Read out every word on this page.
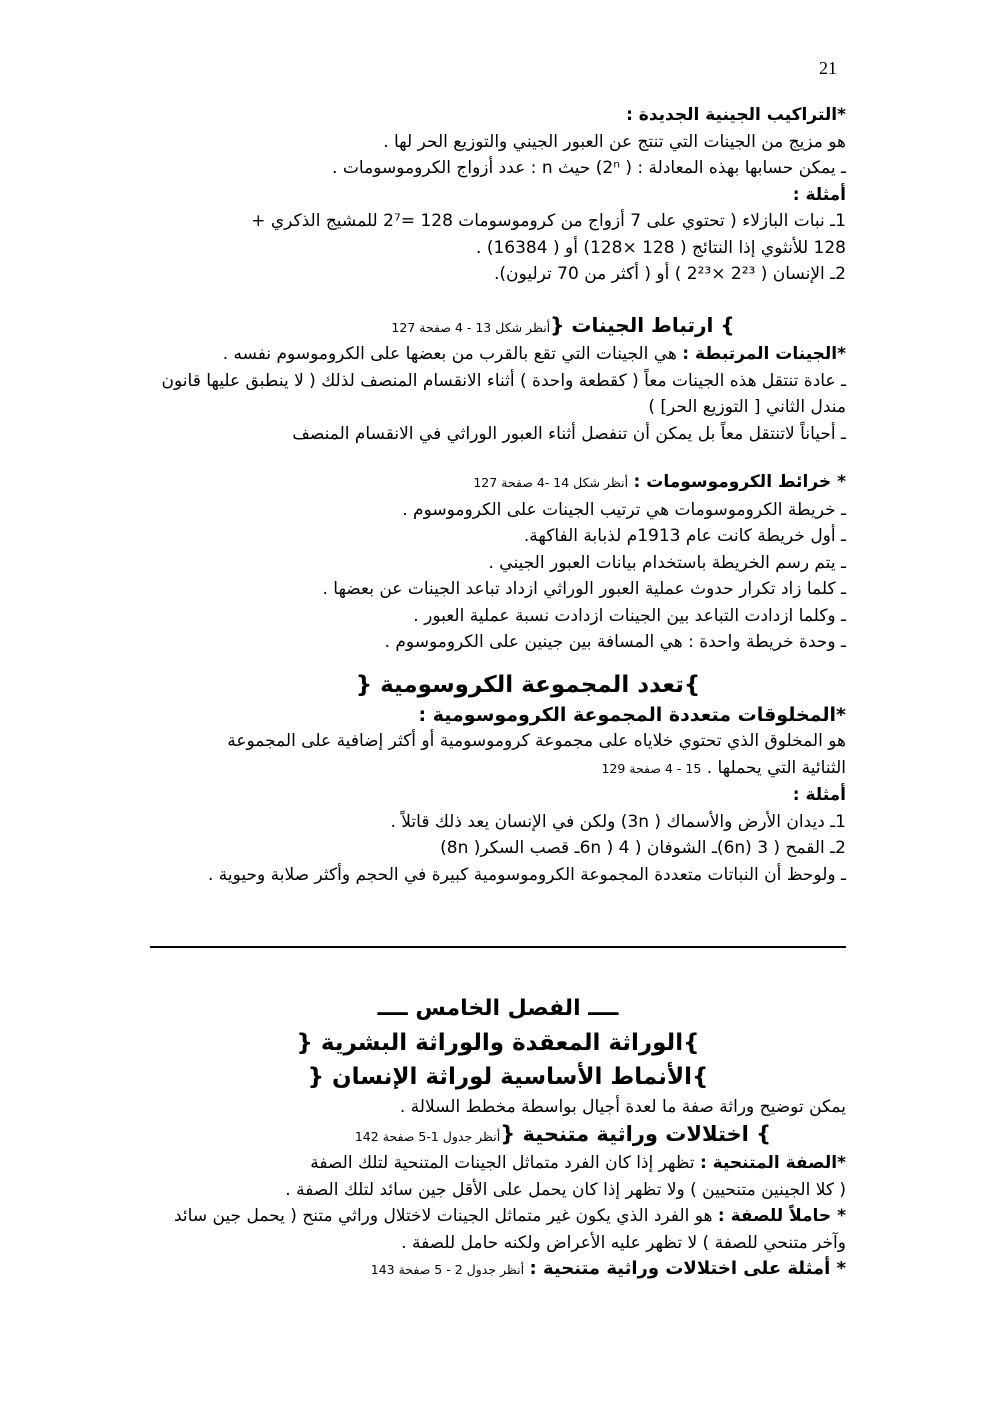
21
*التراكيب الجينية الجديدة :
هو مزيج من الجينات التي تنتج عن العبور الجيني والتوزيع الحر لها .
ـ يمكن حسابها بهذه المعادلة : ( 2ⁿ) حيث n : عدد أزواج الكروموسومات .
أمثلة :
1ـ نبات البازلاء ( تحتوي على 7 أزواج من كروموسومات 128 =2⁷ للمشيج الذكري +
128 للأنثوي إذا النتائج ( 128 ×128) أو ( 16384) .
2ـ الإنسان ( 2²³ ×2²³ ) أو ( أكثر من 70 ترليون).
} ارتباط الجينات {أنظر شكل 13 - 4 صفحة 127
*الجينات المرتبطة : هي الجينات التي تقع بالقرب من بعضها على الكروموسوم نفسه .
ـ عادة تنتقل هذه الجينات معاً ( كقطعة واحدة ) أثناء الانقسام المنصف لذلك ( لا ينطبق عليها قانون مندل الثاني [ التوزيع الحر] )
ـ أحياناً لاتنتقل معاً بل يمكن أن تنفصل أثناء العبور الوراثي في الانقسام المنصف
* خرائط الكروموسومات : أنظر شكل 14 -4 صفحة 127
ـ خريطة الكروموسومات هي ترتيب الجينات على الكروموسوم .
ـ أول خريطة كانت عام 1913م لذبابة الفاكهة.
ـ يتم رسم الخريطة باستخدام بيانات العبور الجيني .
ـ كلما زاد تكرار حدوث عملية العبور الوراثي ازداد تباعد الجينات عن بعضها .
ـ وكلما ازدادت التباعد بين الجينات ازدادت نسبة عملية العبور .
ـ وحدة خريطة واحدة : هي المسافة بين جينين على الكروموسوم .
}تعدد المجموعة الكروسومية {
*المخلوقات متعددة المجموعة الكروموسومية :
هو المخلوق الذي تحتوي خلاياه على مجموعة كروموسومية أو أكثر إضافية على المجموعة
الثنائية التي يحملها . 15 - 4 صفحة 129
أمثلة :
1ـ ديدان الأرض والأسماك ( 3n) ولكن في الإنسان يعد ذلك قاتلاً .
2ـ القمح ( 3 (6n)ـ الشوفان ( 4 ( 6nـ قصب السكر( 8n)
ـ ولوحظ أن النباتات متعددة المجموعة الكروموسومية كبيرة في الحجم وأكثر صلابة وحيوية .
ــــ الفصل الخامس ــــ
}الوراثة المعقدة والوراثة البشرية {
}الأنماط الأساسية لوراثة الإنسان {
يمكن توضيح وراثة صفة ما لعدة أجيال بواسطة مخطط السلالة .
} اختلالات وراثية متنحية {أنظر جدول 1-5 صفحة 142
*الصفة المتنحية : تظهر إذا كان الفرد متماثل الجينات المتنحية لتلك الصفة
( كلا الجينين متنحيين ) ولا تظهر إذا كان يحمل على الأقل جين سائد لتلك الصفة .
* حاملاً للصفة : هو الفرد الذي يكون غير متماثل الجينات لاختلال وراثي متنح ( يحمل جين سائد وآخر متنحي للصفة ) لا تظهر عليه الأعراض ولكنه حامل للصفة .
* أمثلة على اختلالات وراثية متنحية : أنظر جدول 2 - 5 صفحة 143
